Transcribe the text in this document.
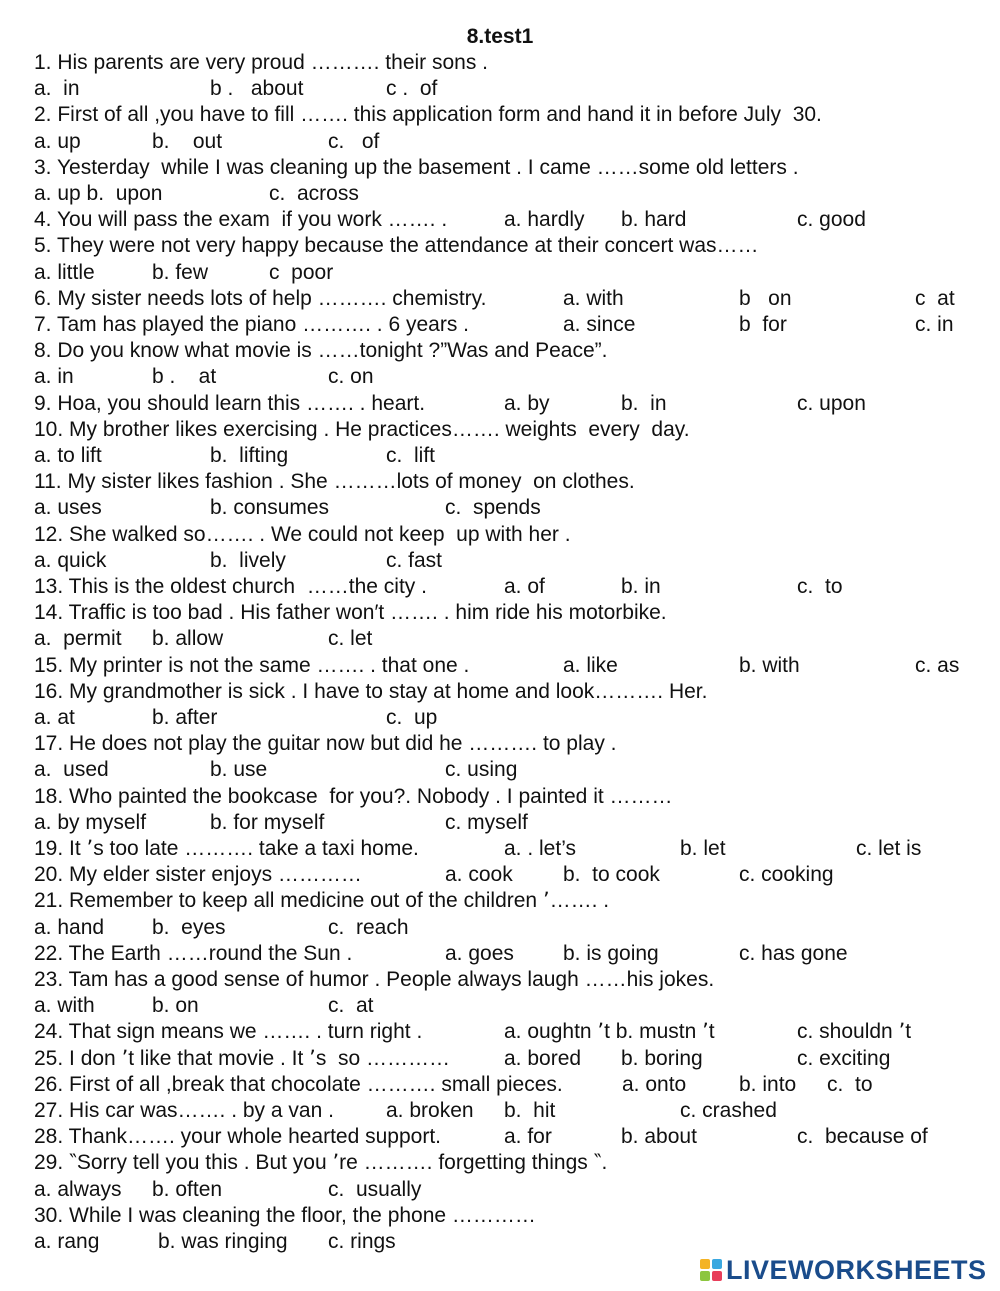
8.test1
1. His parents are very proud ………. their sons .
a.  in	b .   about	c .  of
2. First of all ,you have to fill ……. this application form and hand it in before July  30.
a. up	b.    out	c.   of
3. Yesterday  while I was cleaning up the basement . I came ……some old letters .
a. up b.  upon	c.  across
4. You will pass the exam  if you work ……. .	a. hardly b. hard	c. good
5. They were not very happy because the attendance at their concert was……
a. little	b. few	c  poor
6. My sister needs lots of help ………. chemistry.	a. with	b   on	c  at
7. Tam has played the piano ………. . 6 years .	a. since	b  for	c. in
8. Do you know what movie is ……tonight ?”Was and Peace”.
a. in	b .    at	c. on
9. Hoa, you should learn this ……. . heart.	a. by	b.  in	c. upon
10. My brother likes exercising . He practices……. weights  every  day.
a. to lift	b.  lifting	c.  lift
11. My sister likes fashion . She ………lots of money  on clothes.
a. uses	b. consumes	c.  spends
12. She walked so……. . We could not keep  up with her .
a. quick	b.  lively	c. fast
13. This is the oldest church  ……the city .	a. of	b. in	c.  to
14. Traffic is too bad . His father won′t ……. . him ride his motorbike.
a.  permit b. allow	c. let
15. My printer is not the same ……. . that one .	a. like	b. with	c. as
16. My grandmother is sick . I have to stay at home and look………. Her.
a. at	b. after	c.  up
17. He does not play the guitar now but did he ………. to play .
a.  used	b. use	c. using
18. Who painted the bookcase  for you?. Nobody . I painted it ………
a. by myself	b. for myself	c. myself
19. It ՚s too late ………. take a taxi home.	a. . let’s	b. let	c. let is
20. My elder sister enjoys …………	a. cook b.  to cook	c. cooking
21. Remember to keep all medicine out of the children ՚……. .
a. hand b.  eyes	c.  reach
22. The Earth ……round the Sun .	a. goes b. is going	c. has gone
23. Tam has a good sense of humor . People always laugh ……his jokes.
a. with	b. on	c.  at
24. That sign means we ……. . turn right .	a. oughtn ՚t b. mustn ՚t	c. shouldn ՚t
25. I don ՚t like that movie . It ՚s  so …………	a. bored b. boring	c. exciting
26. First of all ,break that chocolate ………. small pieces.	a. onto	b. into c.  to
27. His car was……. . by a van . a. broken b.  hit	c. crashed
28. Thank……. your whole hearted support.	a. for	b. about	c.  because of
29. ‶Sorry tell you this . But you ՚re ………. forgetting things ‶.
a. always b. often	c.  usually
30. While I was cleaning the floor, the phone …………
a. rang	b. was ringing c. rings
LIVEWORKSHEETS
